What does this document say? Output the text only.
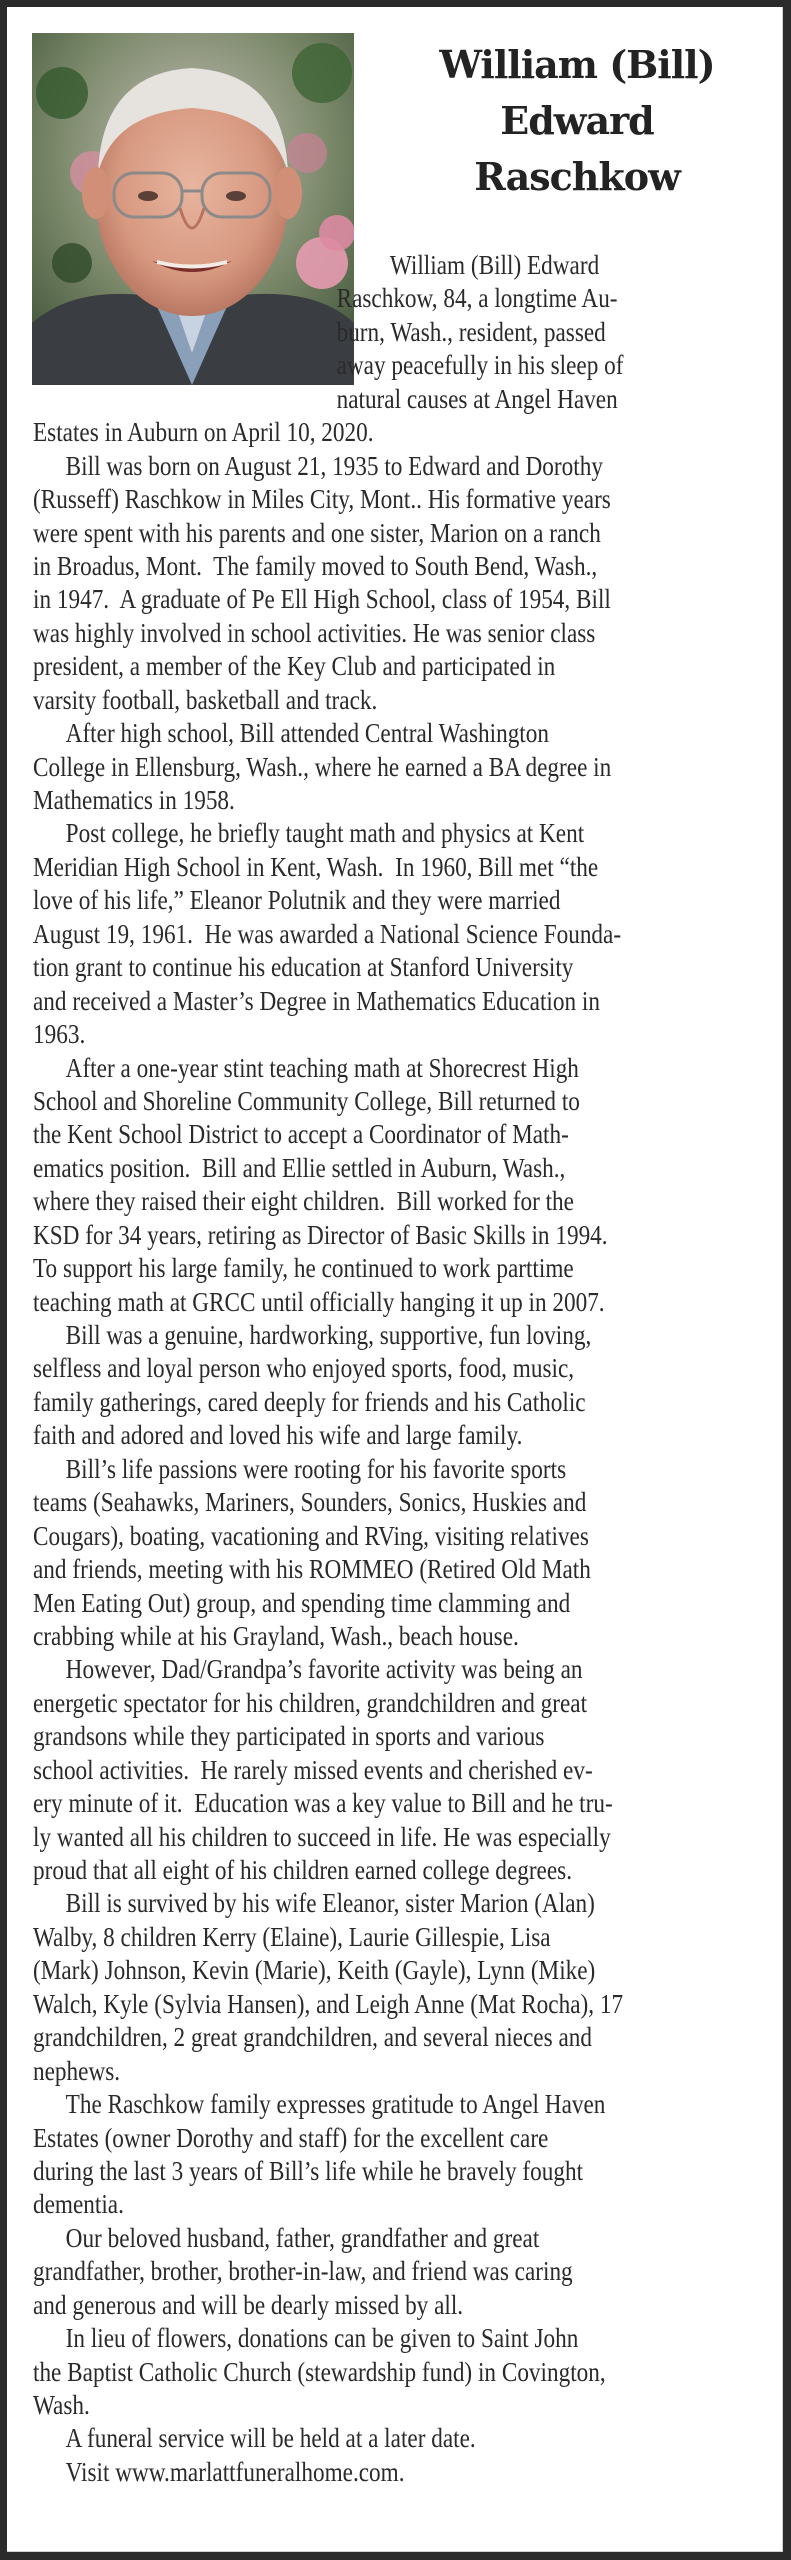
William (Bill)
Edward
Raschkow
William (Bill) Edward
Raschkow, 84, a longtime Au-
burn, Wash., resident, passed
away peacefully in his sleep of
natural causes at Angel Haven
Estates in Auburn on April 10, 2020.
Bill was born on August 21, 1935 to Edward and Dorothy
(Russeff) Raschkow in Miles City, Mont.. His formative years
were spent with his parents and one sister, Marion on a ranch
in Broadus, Mont.  The family moved to South Bend, Wash.,
in 1947.  A graduate of Pe Ell High School, class of 1954, Bill
was highly involved in school activities. He was senior class
president, a member of the Key Club and participated in
varsity football, basketball and track.
After high school, Bill attended Central Washington
College in Ellensburg, Wash., where he earned a BA degree in
Mathematics in 1958.
Post college, he briefly taught math and physics at Kent
Meridian High School in Kent, Wash.  In 1960, Bill met “the
love of his life,” Eleanor Polutnik and they were married
August 19, 1961.  He was awarded a National Science Founda-
tion grant to continue his education at Stanford University
and received a Master’s Degree in Mathematics Education in
1963.
After a one-year stint teaching math at Shorecrest High
School and Shoreline Community College, Bill returned to
the Kent School District to accept a Coordinator of Math-
ematics position.  Bill and Ellie settled in Auburn, Wash.,
where they raised their eight children.  Bill worked for the
KSD for 34 years, retiring as Director of Basic Skills in 1994.
To support his large family, he continued to work parttime
teaching math at GRCC until officially hanging it up in 2007.
Bill was a genuine, hardworking, supportive, fun loving,
selfless and loyal person who enjoyed sports, food, music,
family gatherings, cared deeply for friends and his Catholic
faith and adored and loved his wife and large family.
Bill’s life passions were rooting for his favorite sports
teams (Seahawks, Mariners, Sounders, Sonics, Huskies and
Cougars), boating, vacationing and RVing, visiting relatives
and friends, meeting with his ROMMEO (Retired Old Math
Men Eating Out) group, and spending time clamming and
crabbing while at his Grayland, Wash., beach house.
However, Dad/Grandpa’s favorite activity was being an
energetic spectator for his children, grandchildren and great
grandsons while they participated in sports and various
school activities.  He rarely missed events and cherished ev-
ery minute of it.  Education was a key value to Bill and he tru-
ly wanted all his children to succeed in life. He was especially
proud that all eight of his children earned college degrees.
Bill is survived by his wife Eleanor, sister Marion (Alan)
Walby, 8 children Kerry (Elaine), Laurie Gillespie, Lisa
(Mark) Johnson, Kevin (Marie), Keith (Gayle), Lynn (Mike)
Walch, Kyle (Sylvia Hansen), and Leigh Anne (Mat Rocha), 17
grandchildren, 2 great grandchildren, and several nieces and
nephews.
The Raschkow family expresses gratitude to Angel Haven
Estates (owner Dorothy and staff) for the excellent care
during the last 3 years of Bill’s life while he bravely fought
dementia.
Our beloved husband, father, grandfather and great
grandfather, brother, brother-in-law, and friend was caring
and generous and will be dearly missed by all.
In lieu of flowers, donations can be given to Saint John
the Baptist Catholic Church (stewardship fund) in Covington,
Wash.
A funeral service will be held at a later date.
Visit www.marlattfuneralhome.com.
